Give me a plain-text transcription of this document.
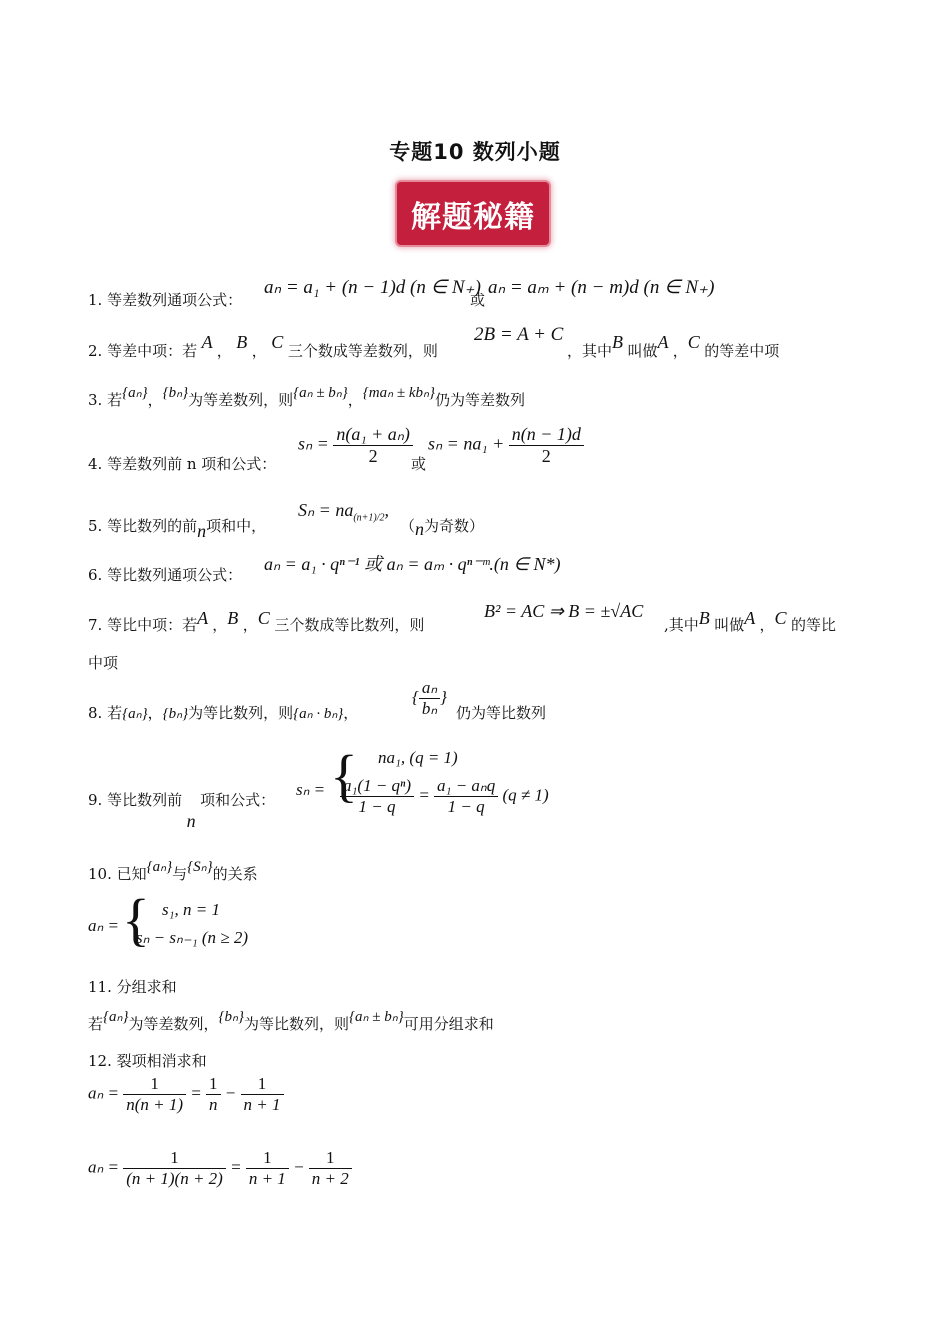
专题10 数列小题
解题秘籍
1. 等差数列通项公式：
aₙ = a₁ + (n − 1)d (n ∈ N₊)
或
aₙ = aₘ + (n − m)d (n ∈ N₊)
2. 等差中项：若 A ， B ， C 三个数成等差数列，则
2B = A + C
，其中B 叫做A ，C 的等差中项
3. 若{aₙ}，{bₙ}为等差数列，则{aₙ ± bₙ}，{maₙ ± kbₙ}仍为等差数列
4. 等差数列前 n 项和公式：
$s_n = \frac{\text{n(a₁ + aₙ)}}{2}$
或
$s_n = na_1 + \frac{n(n - 1)d}{2}$
5. 等比数列的前n项和中，
$S_n = na_{(n+1)/2}$,
（n为奇数）
6. 等比数列通项公式：
aₙ = a₁ · qⁿ⁻¹ 或 aₙ = aₘ · qⁿ⁻ᵐ.(n ∈ N*)
7. 等比中项：若A ，B ，C 三个数成等比数列，则
B² = AC ⇒ B = ±√AC
,其中B 叫做A ，C 的等比
中项
8. 若{aₙ}，{bₙ}为等比数列，则{aₙ · bₙ}，
{ $\frac{\text{aₙ}}{\text{bₙ}}$ }
仍为等比数列
9. 等比数列前 n 项和公式：
sₙ = { na₁, (q = 1)
$\frac{\text{a₁(1 − qⁿ)}}{1 - q} = \frac{\text{a₁ − aₙq}}{1 - q} (q \ne 1)$
10. 已知{aₙ}与{Sₙ}的关系
aₙ = { s₁, n = 1
sₙ − sₙ₋₁ (n ≥ 2)
11. 分组求和
若{aₙ}为等差数列，{bₙ}为等比数列，则{aₙ ± bₙ}可用分组求和
12. 裂项相消求和
$a_n = \frac{1}{n(n + 1)} = \frac{1}{n} - \frac{1}{n + 1}$
$a_n = \frac{1}{(n + 1)(n + 2)} = \frac{1}{n + 1} - \frac{1}{n + 2}$
